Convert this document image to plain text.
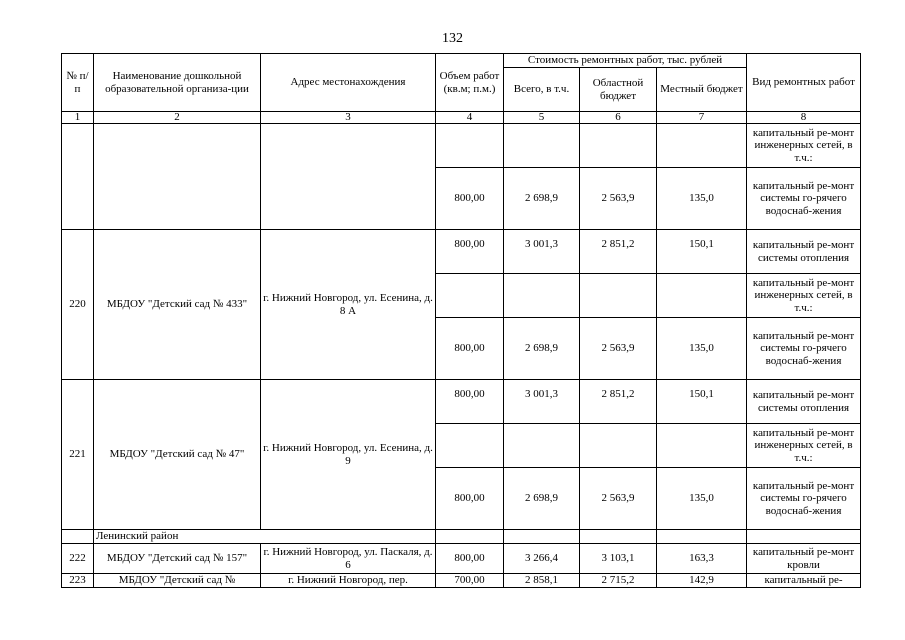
132
№ п/п	Наименование дошкольной образовательной организа-ции	Адрес местонахождения	Объем работ (кв.м; п.м.)	Стоимость ремонтных работ, тыс. рублей			Вид ремонтных работ
				Всего, в т.ч.	Областной бюджет	Местный бюджет	
1	2	3	4	5	6	7	8
							капитальный ре-монт инженерных сетей, в т.ч.:
			800,00	2 698,9	2 563,9	135,0	капитальный ре-монт системы го-рячего водоснаб-жения
220	МБДОУ "Детский сад № 433"	г. Нижний Новгород, ул. Есенина, д. 8 А	800,00	3 001,3	2 851,2	150,1	капитальный ре-монт системы отопления
							капитальный ре-монт инженерных сетей, в т.ч.:
			800,00	2 698,9	2 563,9	135,0	капитальный ре-монт системы го-рячего водоснаб-жения
221	МБДОУ "Детский сад № 47"	г. Нижний Новгород, ул. Есенина, д. 9	800,00	3 001,3	2 851,2	150,1	капитальный ре-монт системы отопления
							капитальный ре-монт инженерных сетей, в т.ч.:
			800,00	2 698,9	2 563,9	135,0	капитальный ре-монт системы го-рячего водоснаб-жения
	Ленинский район						
222	МБДОУ "Детский сад № 157"	г. Нижний Новгород, ул. Паскаля, д. 6	800,00	3 266,4	3 103,1	163,3	капитальный ре-монт кровли
223	МБДОУ "Детский сад №	г. Нижний Новгород, пер.	700,00	2 858,1	2 715,2	142,9	капитальный ре-
